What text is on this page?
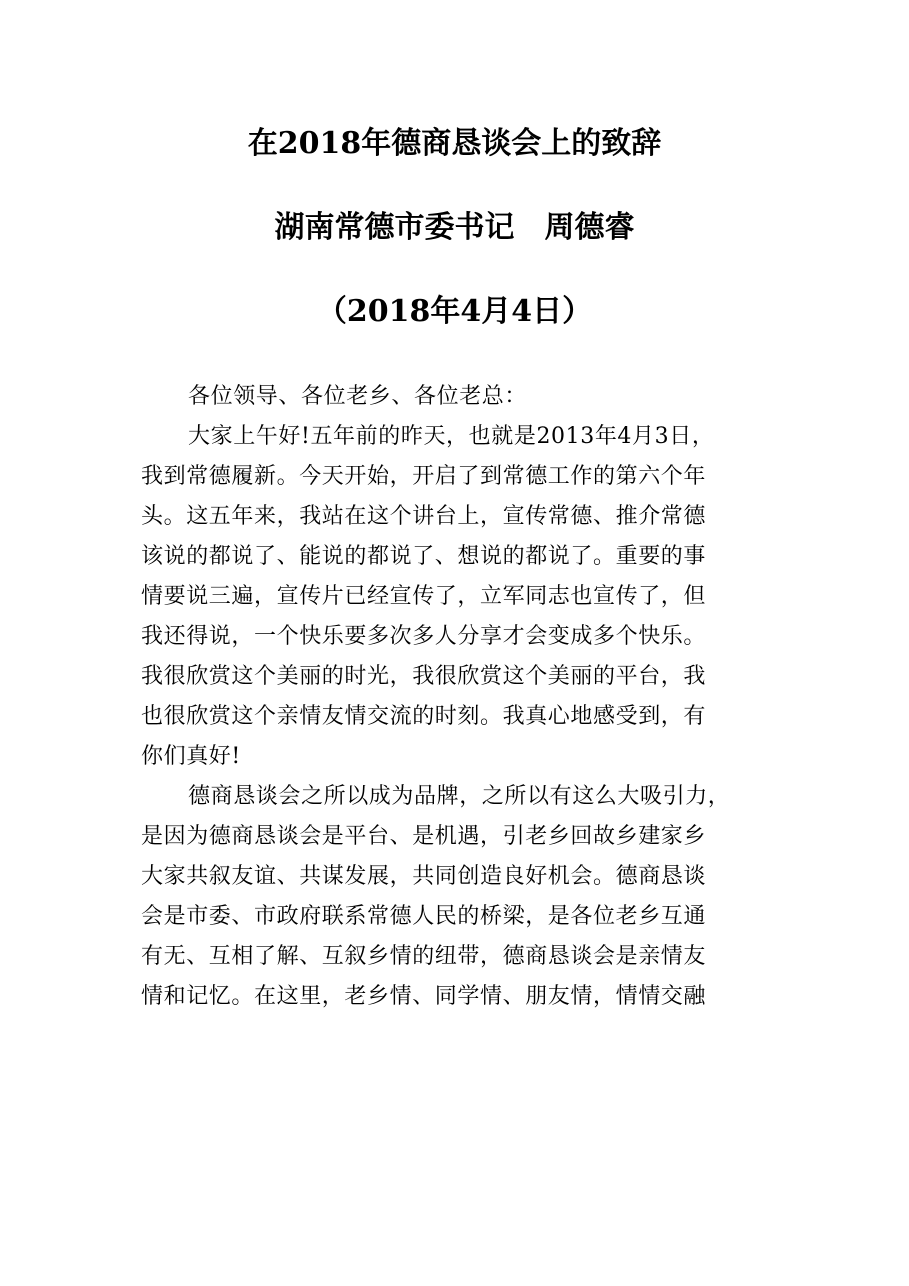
在2018年德商恳谈会上的致辞
湖南常德市委书记　周德睿
（2018年4月4日）
各位领导、各位老乡、各位老总：
大家上午好!五年前的昨天，也就是2013年4月3日，
我到常德履新。今天开始，开启了到常德工作的第六个年
头。这五年来，我站在这个讲台上，宣传常德、推介常德
该说的都说了、能说的都说了、想说的都说了。重要的事
情要说三遍，宣传片已经宣传了，立军同志也宣传了，但
我还得说，一个快乐要多次多人分享才会变成多个快乐。
我很欣赏这个美丽的时光，我很欣赏这个美丽的平台，我
也很欣赏这个亲情友情交流的时刻。我真心地感受到，有
你们真好!
德商恳谈会之所以成为品牌，之所以有这么大吸引力，
是因为德商恳谈会是平台、是机遇，引老乡回故乡建家乡
大家共叙友谊、共谋发展，共同创造良好机会。德商恳谈
会是市委、市政府联系常德人民的桥梁，是各位老乡互通
有无、互相了解、互叙乡情的纽带，德商恳谈会是亲情友
情和记忆。在这里，老乡情、同学情、朋友情，情情交融
